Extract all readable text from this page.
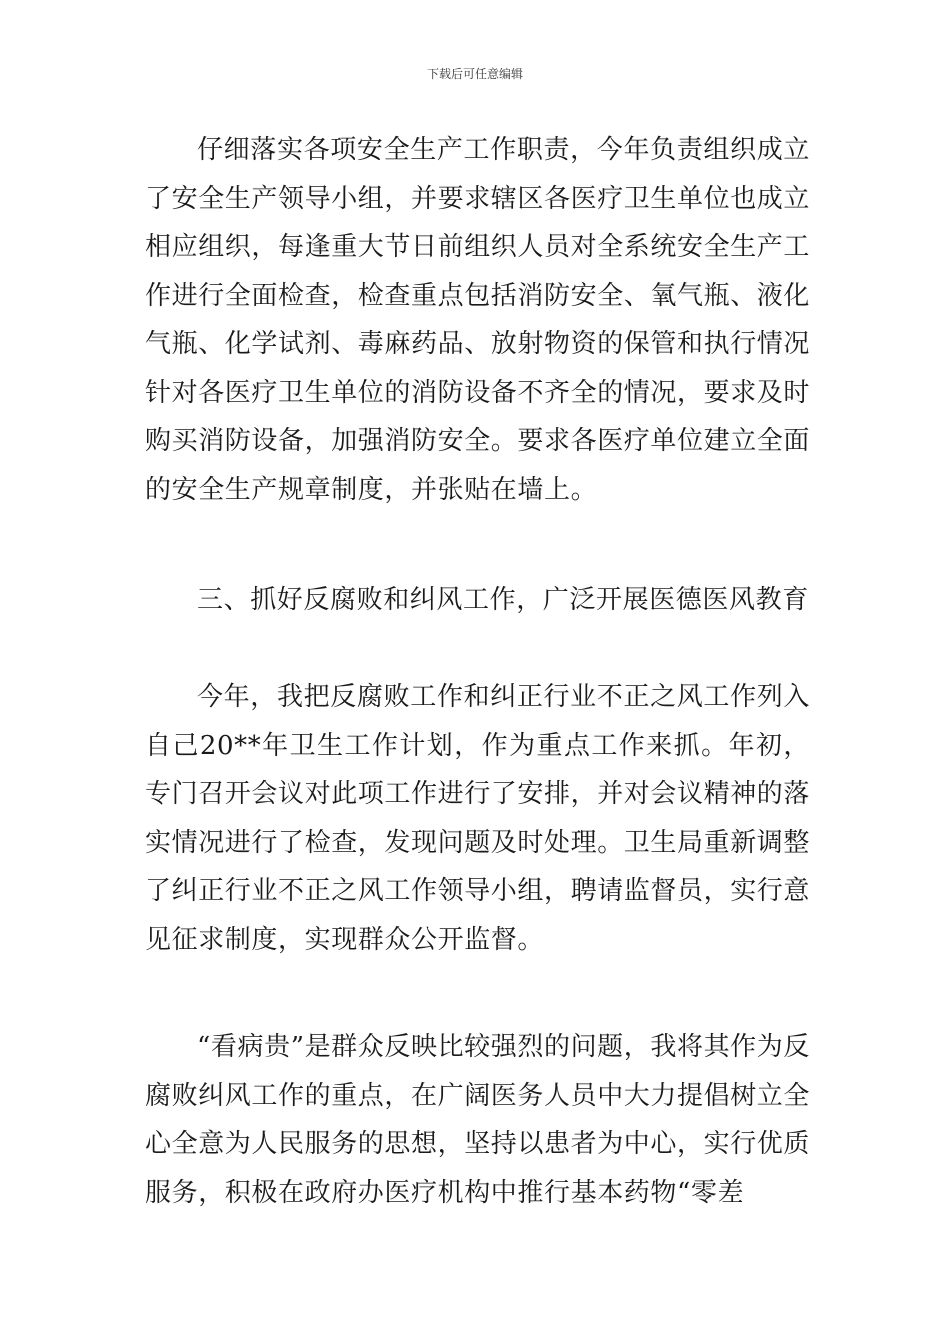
下载后可任意编辑

仔细落实各项安全生产工作职责，今年负责组织成立了安全生产领导小组，并要求辖区各医疗卫生单位也成立相应组织，每逢重大节日前组织人员对全系统安全生产工作进行全面检查，检查重点包括消防安全、氧气瓶、液化气瓶、化学试剂、毒麻药品、放射物资的保管和执行情况针对各医疗卫生单位的消防设备不齐全的情况，要求及时购买消防设备，加强消防安全。要求各医疗单位建立全面的安全生产规章制度，并张贴在墙上。

三、抓好反腐败和纠风工作，广泛开展医德医风教育

今年，我把反腐败工作和纠正行业不正之风工作列入自己20**年卫生工作计划，作为重点工作来抓。年初，专门召开会议对此项工作进行了安排，并对会议精神的落实情况进行了检查，发现问题及时处理。卫生局重新调整了纠正行业不正之风工作领导小组，聘请监督员，实行意见征求制度，实现群众公开监督。

“看病贵”是群众反映比较强烈的问题，我将其作为反腐败纠风工作的重点，在广阔医务人员中大力提倡树立全心全意为人民服务的思想，坚持以患者为中心，实行优质服务，积极在政府办医疗机构中推行基本药物“零差
